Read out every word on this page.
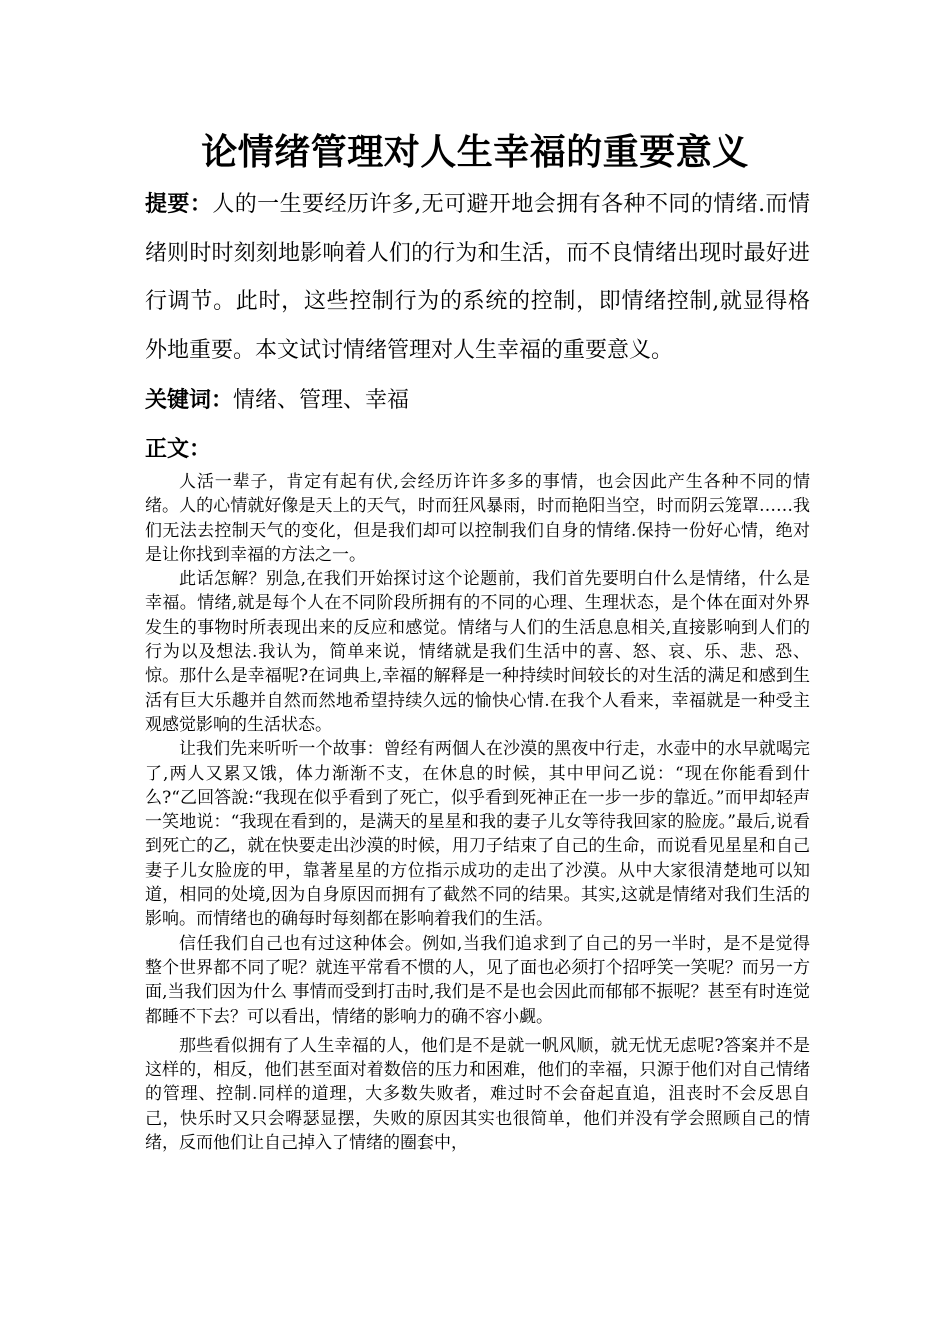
论情绪管理对人生幸福的重要意义
提要：人的一生要经历许多,无可避开地会拥有各种不同的情绪.而情绪则时时刻刻地影响着人们的行为和生活，而不良情绪出现时最好进行调节。此时，这些控制行为的系统的控制，即情绪控制,就显得格外地重要。本文试讨情绪管理对人生幸福的重要意义。
关键词：情绪、管理、幸福
正文：

人活一辈子，肯定有起有伏,会经历许许多多的事情，也会因此产生各种不同的情绪。人的心情就好像是天上的天气，时而狂风暴雨，时而艳阳当空，时而阴云笼罩……我们无法去控制天气的变化，但是我们却可以控制我们自身的情绪.保持一份好心情，绝对是让你找到幸福的方法之一。

此话怎解？别急,在我们开始探讨这个论题前，我们首先要明白什么是情绪，什么是幸福。情绪,就是每个人在不同阶段所拥有的不同的心理、生理状态，是个体在面对外界发生的事物时所表现出来的反应和感觉。情绪与人们的生活息息相关,直接影响到人们的行为以及想法.我认为，简单来说，情绪就是我们生活中的喜、怒、哀、乐、悲、恐、惊。那什么是幸福呢?在词典上,幸福的解释是一种持续时间较长的对生活的满足和感到生活有巨大乐趣并自然而然地希望持续久远的愉快心情.在我个人看来，幸福就是一种受主观感觉影响的生活状态。

让我们先来听听一个故事：曾经有两個人在沙漠的黑夜中行走，水壶中的水早就喝完了,两人又累又饿，体力渐渐不支，在休息的时候，其中甲问乙说：“现在你能看到什么?“乙回答說:“我现在似乎看到了死亡，似乎看到死神正在一步一步的靠近。”而甲却轻声一笑地说：“我现在看到的，是满天的星星和我的妻子儿女等待我回家的脸庞。”最后,说看到死亡的乙，就在快要走出沙漠的时候，用刀子结束了自己的生命，而说看见星星和自己妻子儿女脸庞的甲，靠著星星的方位指示成功的走出了沙漠。从中大家很清楚地可以知道，相同的处境,因为自身原因而拥有了截然不同的结果。其实,这就是情绪对我们生活的影响。而情绪也的确每时每刻都在影响着我们的生活。

信任我们自己也有过这种体会。例如,当我们追求到了自己的另一半时，是不是觉得整个世界都不同了呢？就连平常看不惯的人，见了面也必须打个招呼笑一笑呢？而另一方面,当我们因为什么 事情而受到打击时,我们是不是也会因此而郁郁不振呢？甚至有时连觉都睡不下去？可以看出，情绪的影响力的确不容小觑。

那些看似拥有了人生幸福的人，他们是不是就一帆风顺，就无忧无虑呢?答案并不是这样的，相反，他们甚至面对着数倍的压力和困难，他们的幸福，只源于他们对自己情绪的管理、控制.同样的道理，大多数失败者，难过时不会奋起直追，沮丧时不会反思自己，快乐时又只会嘚瑟显摆，失败的原因其实也很简单，他们并没有学会照顾自己的情绪，反而他们让自己掉入了情绪的圈套中，
